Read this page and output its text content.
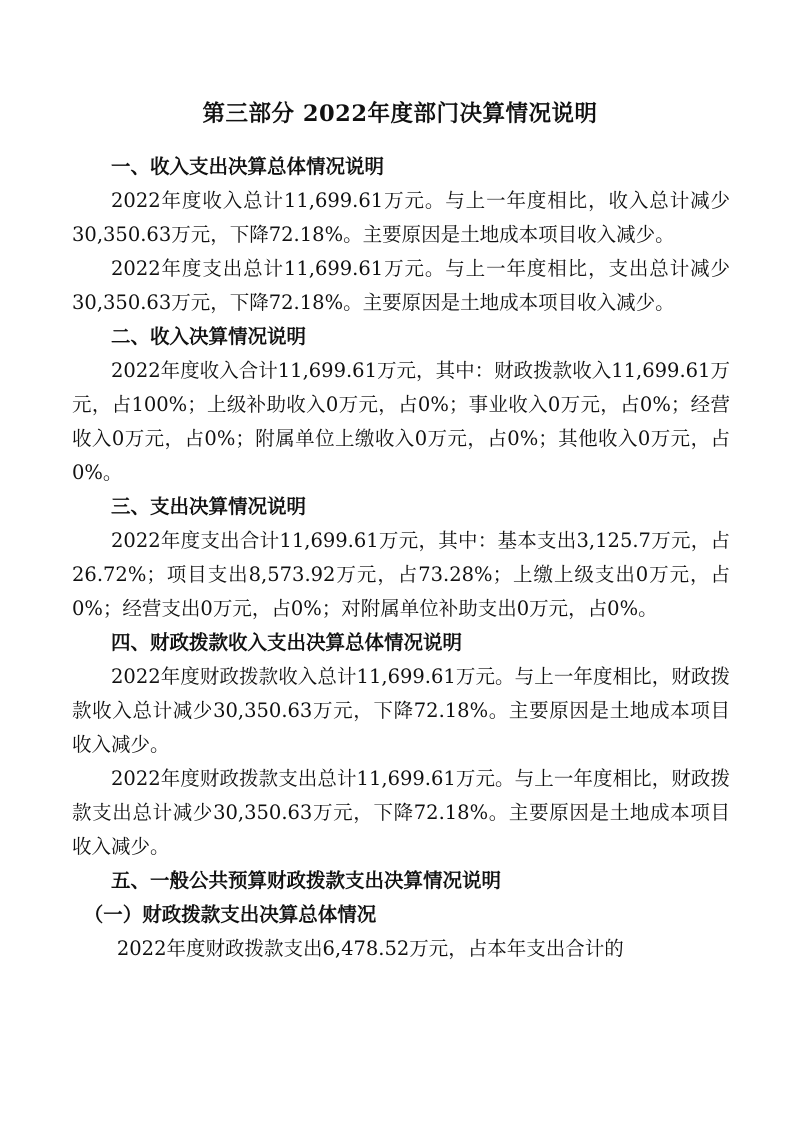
第三部分 2022年度部门决算情况说明
一、收入支出决算总体情况说明
2022年度收入总计11,699.61万元。与上一年度相比，收入总计减少30,350.63万元，下降72.18%。主要原因是土地成本项目收入减少。
2022年度支出总计11,699.61万元。与上一年度相比，支出总计减少30,350.63万元，下降72.18%。主要原因是土地成本项目收入减少。
二、收入决算情况说明
2022年度收入合计11,699.61万元，其中：财政拨款收入11,699.61万元，占100%；上级补助收入0万元，占0%；事业收入0万元，占0%；经营收入0万元，占0%；附属单位上缴收入0万元，占0%；其他收入0万元，占0%。
三、支出决算情况说明
2022年度支出合计11,699.61万元，其中：基本支出3,125.7万元，占26.72%；项目支出8,573.92万元，占73.28%；上缴上级支出0万元，占0%；经营支出0万元，占0%；对附属单位补助支出0万元，占0%。
四、财政拨款收入支出决算总体情况说明
2022年度财政拨款收入总计11,699.61万元。与上一年度相比，财政拨款收入总计减少30,350.63万元，下降72.18%。主要原因是土地成本项目收入减少。
2022年度财政拨款支出总计11,699.61万元。与上一年度相比，财政拨款支出总计减少30,350.63万元，下降72.18%。主要原因是土地成本项目收入减少。
五、一般公共预算财政拨款支出决算情况说明
（一）财政拨款支出决算总体情况
2022年度财政拨款支出6,478.52万元，占本年支出合计的
